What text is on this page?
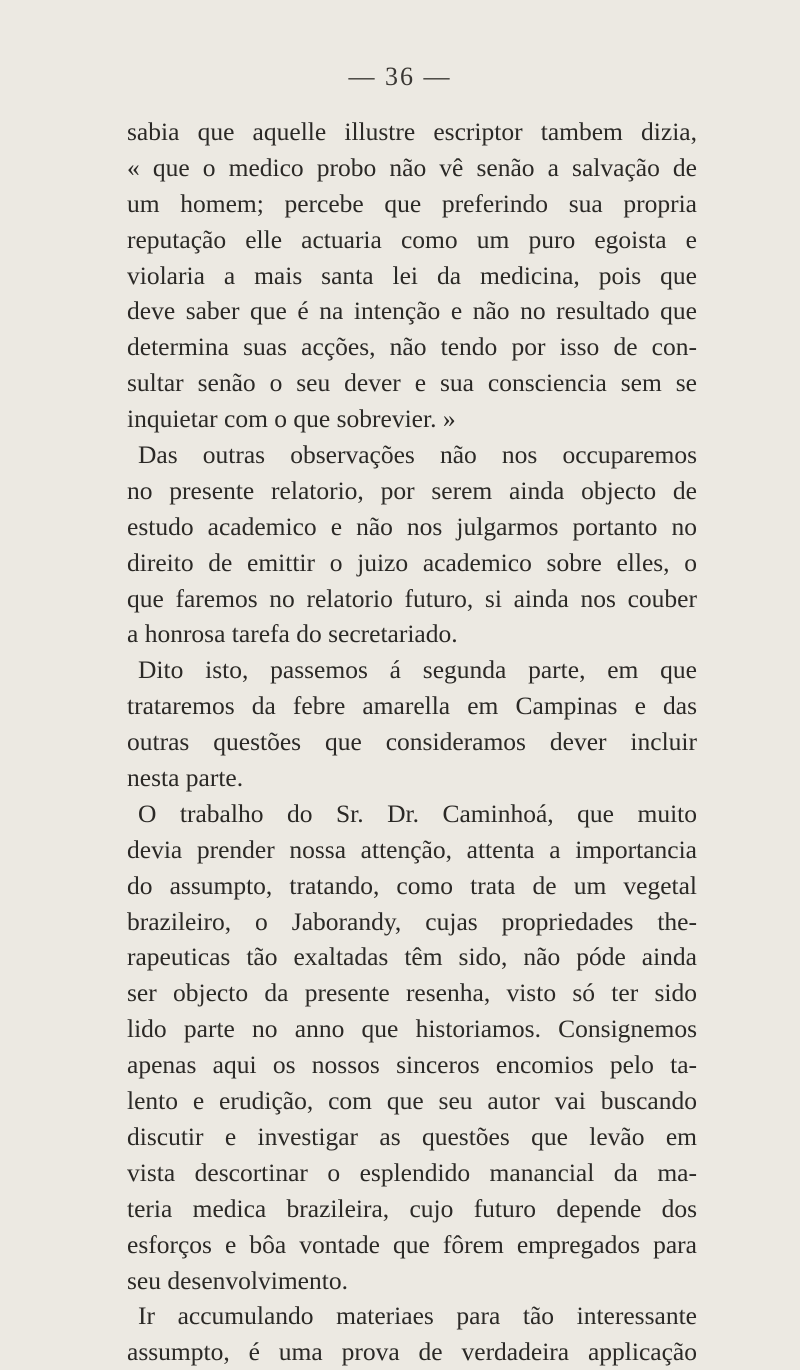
— 36 —
sabia que aquelle illustre escriptor tambem dizia,
« que o medico probo não vê senão a salvação de
um homem; percebe que preferindo sua propria
reputação elle actuaria como um puro egoista e
violaria a mais santa lei da medicina, pois que
deve saber que é na intenção e não no resultado que
determina suas acções, não tendo por isso de con-
sultar senão o seu dever e sua consciencia sem se
inquietar com o que sobrevier. »
Das outras observações não nos occuparemos
no presente relatorio, por serem ainda objecto de
estudo academico e não nos julgarmos portanto no
direito de emittir o juizo academico sobre elles, o
que faremos no relatorio futuro, si ainda nos couber
a honrosa tarefa do secretariado.
Dito isto, passemos á segunda parte, em que
trataremos da febre amarella em Campinas e das
outras questões que consideramos dever incluir
nesta parte.
O trabalho do Sr. Dr. Caminhoá, que muito
devia prender nossa attenção, attenta a importancia
do assumpto, tratando, como trata de um vegetal
brazileiro, o Jaborandy, cujas propriedades the-
rapeuticas tão exaltadas têm sido, não póde ainda
ser objecto da presente resenha, visto só ter sido
lido parte no anno que historiamos. Consignemos
apenas aqui os nossos sinceros encomios pelo ta-
lento e erudição, com que seu autor vai buscando
discutir e investigar as questões que levão em
vista descortinar o esplendido manancial da ma-
teria medica brazileira, cujo futuro depende dos
esforços e bôa vontade que fôrem empregados para
seu desenvolvimento.
Ir accumulando materiaes para tão interessante
assumpto, é uma prova de verdadeira applicação
